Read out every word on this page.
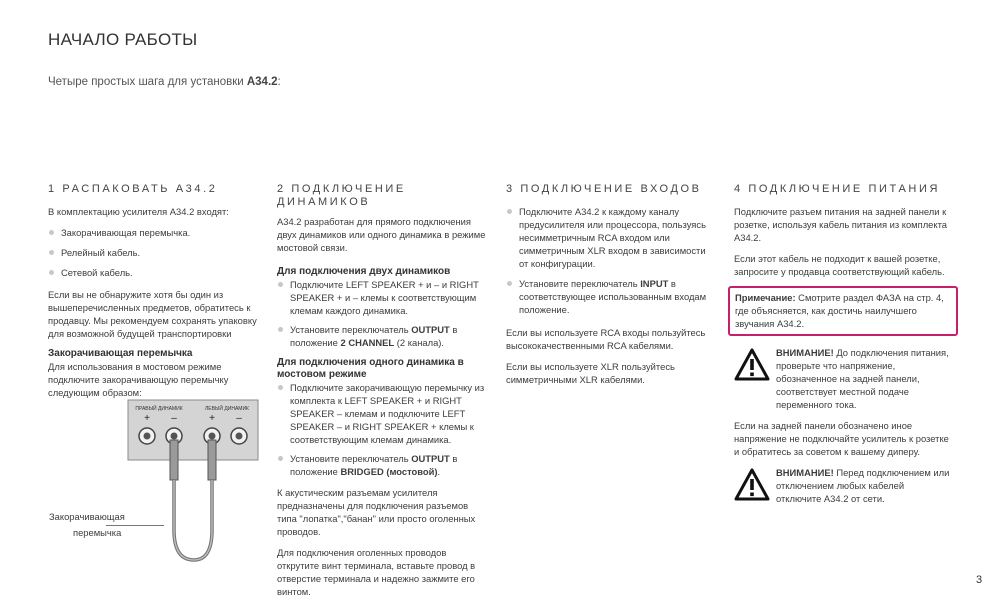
НАЧАЛО РАБОТЫ
Четыре простых шага для установки A34.2:
1 РАСПАКОВАТЬ А34.2

В комплектацию усилителя А34.2 входят:

Закорачивающая перемычка.
Релейный кабель.
Сетевой кабель.

Если вы не обнаружите хотя бы один из вышеперечисленных предметов, обратитесь к продавцу. Мы рекомендуем сохранять упаковку для возможной будущей транспортировки

Закорачивающая перемычка

Для использования в мостовом режиме подключите закорачивающую перемычку следующим образом:

ПРАВЫЙ ДИНАМИК	ЛЕВЫЙ ДИНАМИК
+ –	+ –
Закорачивающая
перемычка
2 ПОДКЛЮЧЕНИЕ ДИНАМИКОВ

А34.2 разработан для прямого подключения двух динамиков или одного динамика в режиме мостовой связи.

Для подключения двух динамиков
Подключите LEFT SPEAKER + и – и RIGHT SPEAKER + и – клемы к соответствующим клемам каждого динамика.
Установите переключатель OUTPUT в положение 2 CHANNEL (2 канала).
Для подключения одного динамика в мостовом режиме
Подключите закорачивающую перемычку из комплекта к LEFT SPEAKER + и RIGHT SPEAKER – клемам и подключите LEFT SPEAKER – и RIGHT SPEAKER + клемы к соответствующим клемам динамика.
Установите переключатель OUTPUT в положение BRIDGED (мостовой).

К акустическим разъемам усилителя предназначены для подключения разъемов типа "лопатка","банан" или просто оголенных проводов.

Для подключения оголенных проводов открутите винт терминала, вставьте провод в отверстие терминала и надежно зажмите его винтом.

3 ПОДКЛЮЧЕНИЕ ВХОДОВ
Подключите A34.2 к каждому каналу предусилителя или процессора, пользуясь несимметричным RCA входом или симметричным XLR входом в зависимости от конфигурации.
Установите переключатель INPUT в соответствующее использованным входам положение.

Если вы используете RCA входы пользуйтесь высококачественными RCA кабелями.

Если вы используете XLR пользуйтесь симметричными XLR кабелями.

4 ПОДКЛЮЧЕНИЕ ПИТАНИЯ

Подключите разъем питания на задней панели к розетке, используя кабель питания из комплекта A34.2.

Если этот кабель не подходит к вашей розетке, запросите у продавца соответствующий кабель.

Примечание: Смотрите раздел ФАЗА на стр. 4, где объясняется, как достичь наилучшего звучания A34.2.
ВНИМАНИЕ! До подключения питания, проверьте что напряжение, обозначенное на задней панели, соответствует местной подаче переменного тока.

Если на задней панели обозначено иное напряжение не подключайте усилитель к розетке и обратитесь за советом к вашему диперу.

ВНИМАНИЕ! Перед подключением или отключением любых кабелей отключите A34.2 от сети.
3
